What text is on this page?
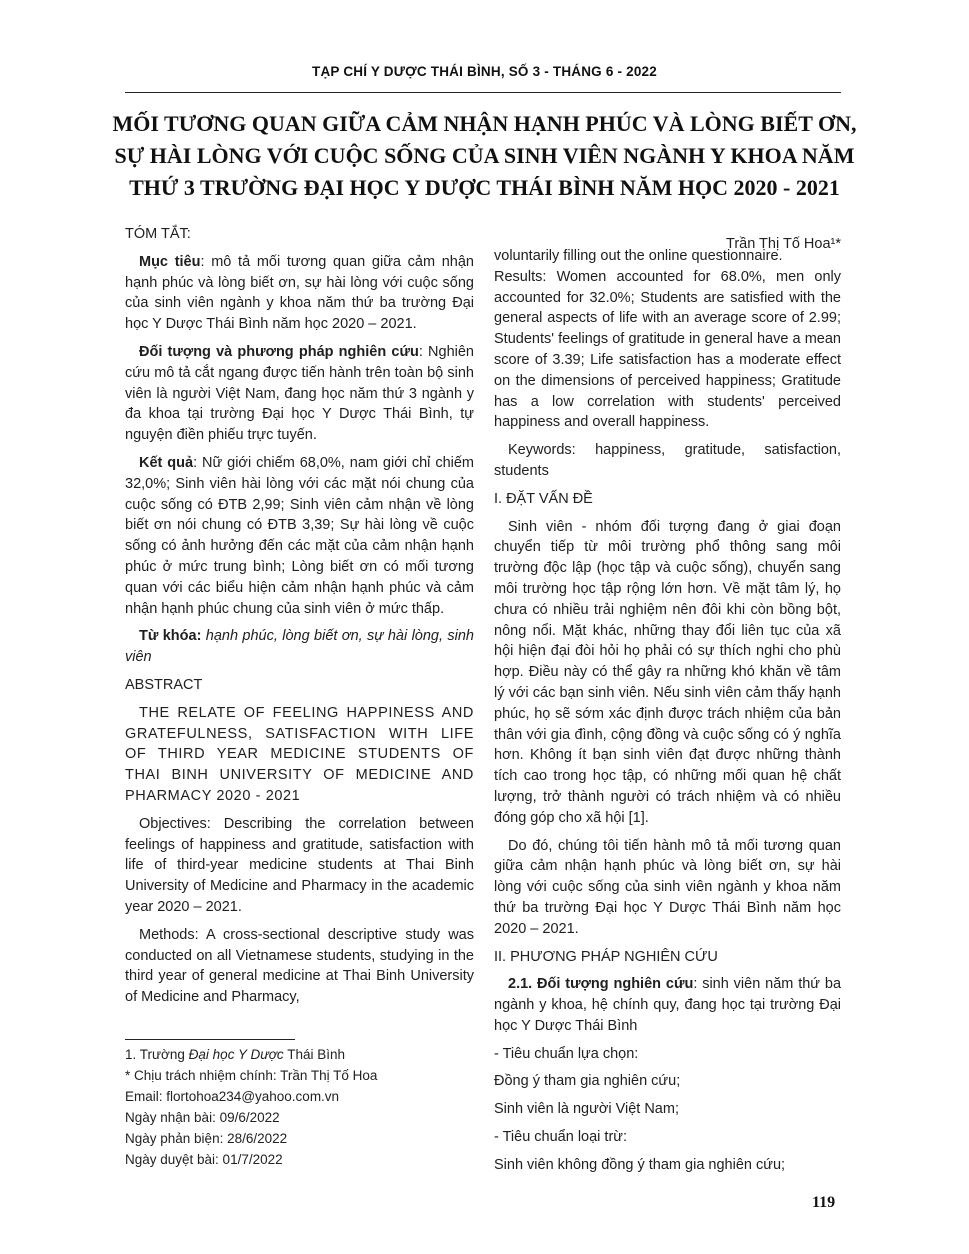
TẠP CHÍ Y DƯỢC THÁI BÌNH, SỐ 3 - THÁNG 6 - 2022
MỐI TƯƠNG QUAN GIỮA CẢM NHẬN HẠNH PHÚC VÀ LÒNG BIẾT ƠN,
SỰ HÀI LÒNG VỚI CUỘC SỐNG CỦA SINH VIÊN NGÀNH Y KHOA NĂM
THỨ 3 TRƯỜNG ĐẠI HỌC Y DƯỢC THÁI BÌNH NĂM HỌC 2020 - 2021
Trần Thị Tố Hoa¹*

TÓM TẮT:

Mục tiêu: mô tả mối tương quan giữa cảm nhận hạnh phúc và lòng biết ơn, sự hài lòng với cuộc sống của sinh viên ngành y khoa năm thứ ba trường Đại học Y Dược Thái Bình năm học 2020 – 2021.

Đối tượng và phương pháp nghiên cứu: Nghiên cứu mô tả cắt ngang được tiến hành trên toàn bộ sinh viên là người Việt Nam, đang học năm thứ 3 ngành y đa khoa tại trường Đại học Y Dược Thái Bình, tự nguyện điền phiếu trực tuyến.

Kết quả: Nữ giới chiếm 68,0%, nam giới chỉ chiếm 32,0%; Sinh viên hài lòng với các mặt nói chung của cuộc sống có ĐTB 2,99; Sinh viên cảm nhận về lòng biết ơn nói chung có ĐTB 3,39; Sự hài lòng về cuộc sống có ảnh hưởng đến các mặt của cảm nhận hạnh phúc ở mức trung bình; Lòng biết ơn có mối tương quan với các biểu hiện cảm nhận hạnh phúc và cảm nhận hạnh phúc chung của sinh viên ở mức thấp.

Từ khóa: hạnh phúc, lòng biết ơn, sự hài lòng, sinh viên

ABSTRACT

THE RELATE OF FEELING HAPPINESS AND GRATEFULNESS, SATISFACTION WITH LIFE OF THIRD YEAR MEDICINE STUDENTS OF THAI BINH UNIVERSITY OF MEDICINE AND PHARMACY 2020 - 2021

Objectives: Describing the correlation between feelings of happiness and gratitude, satisfaction with life of third-year medicine students at Thai Binh University of Medicine and Pharmacy in the academic year 2020 – 2021.

Methods: A cross-sectional descriptive study was conducted on all Vietnamese students, studying in the third year of general medicine at Thai Binh University of Medicine and Pharmacy,

1. Trường Đại học Y Dược Thái Bình
* Chịu trách nhiệm chính: Trần Thị Tố Hoa
Email: flortohoa234@yahoo.com.vn
Ngày nhận bài: 09/6/2022
Ngày phản biện: 28/6/2022
Ngày duyệt bài: 01/7/2022

voluntarily filling out the online questionnaire.

Results: Women accounted for 68.0%, men only accounted for 32.0%; Students are satisfied with the general aspects of life with an average score of 2.99; Students' feelings of gratitude in general have a mean score of 3.39; Life satisfaction has a moderate effect on the dimensions of perceived happiness; Gratitude has a low correlation with students' perceived happiness and overall happiness.

Keywords: happiness, gratitude, satisfaction, students

I. ĐẶT VẤN ĐỀ

Sinh viên - nhóm đối tượng đang ở giai đoạn chuyển tiếp từ môi trường phổ thông sang môi trường độc lập (học tập và cuộc sống), chuyển sang môi trường học tập rộng lớn hơn. Về mặt tâm lý, họ chưa có nhiều trải nghiệm nên đôi khi còn bồng bột, nông nổi. Mặt khác, những thay đổi liên tục của xã hội hiện đại đòi hỏi họ phải có sự thích nghi cho phù hợp. Điều này có thể gây ra những khó khăn về tâm lý với các bạn sinh viên. Nếu sinh viên cảm thấy hạnh phúc, họ sẽ sớm xác định được trách nhiệm của bản thân với gia đình, cộng đồng và cuộc sống có ý nghĩa hơn. Không ít bạn sinh viên đạt được những thành tích cao trong học tập, có những mối quan hệ chất lượng, trở thành người có trách nhiệm và có nhiều đóng góp cho xã hội [1].

Do đó, chúng tôi tiến hành mô tả mối tương quan giữa cảm nhận hạnh phúc và lòng biết ơn, sự hài lòng với cuộc sống của sinh viên ngành y khoa năm thứ ba trường Đại học Y Dược Thái Bình năm học 2020 – 2021.

II. PHƯƠNG PHÁP NGHIÊN CỨU

2.1. Đối tượng nghiên cứu: sinh viên năm thứ ba ngành y khoa, hệ chính quy, đang học tại trường Đại học Y Dược Thái Bình

- Tiêu chuẩn lựa chọn:

Đồng ý tham gia nghiên cứu;

Sinh viên là người Việt Nam;

- Tiêu chuẩn loại trừ:

Sinh viên không đồng ý tham gia nghiên cứu;

119
